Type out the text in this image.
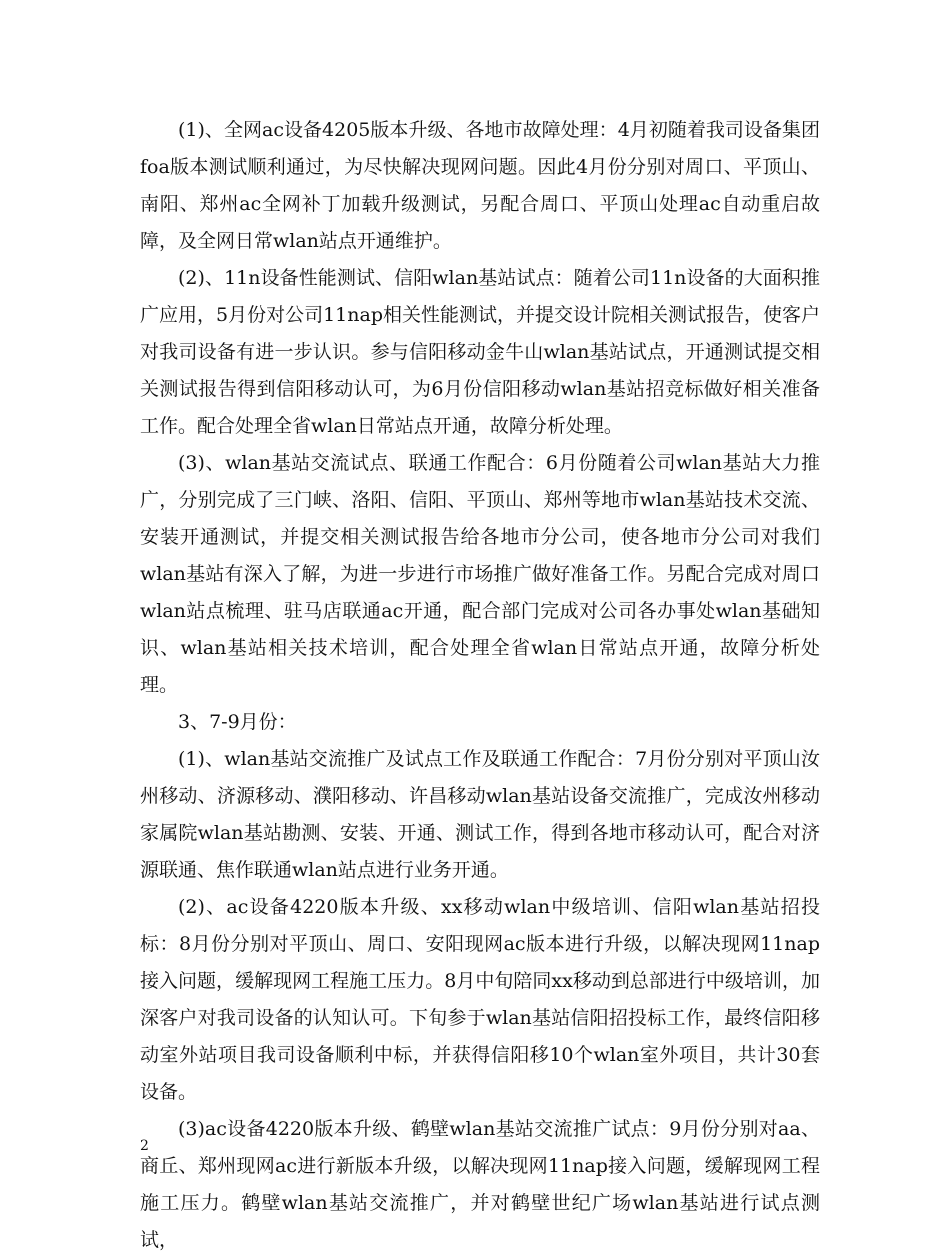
(1)、全网ac设备4205版本升级、各地市故障处理：4月初随着我司设备集团foa版本测试顺利通过，为尽快解决现网问题。因此4月份分别对周口、平顶山、南阳、郑州ac全网补丁加载升级测试，另配合周口、平顶山处理ac自动重启故障，及全网日常wlan站点开通维护。

(2)、11n设备性能测试、信阳wlan基站试点：随着公司11n设备的大面积推广应用，5月份对公司11nap相关性能测试，并提交设计院相关测试报告，使客户对我司设备有进一步认识。参与信阳移动金牛山wlan基站试点，开通测试提交相关测试报告得到信阳移动认可，为6月份信阳移动wlan基站招竞标做好相关准备工作。配合处理全省wlan日常站点开通，故障分析处理。

(3)、wlan基站交流试点、联通工作配合：6月份随着公司wlan基站大力推广，分别完成了三门峡、洛阳、信阳、平顶山、郑州等地市wlan基站技术交流、安装开通测试，并提交相关测试报告给各地市分公司，使各地市分公司对我们wlan基站有深入了解，为进一步进行市场推广做好准备工作。另配合完成对周口wlan站点梳理、驻马店联通ac开通，配合部门完成对公司各办事处wlan基础知识、wlan基站相关技术培训，配合处理全省wlan日常站点开通，故障分析处理。

3、7-9月份：

(1)、wlan基站交流推广及试点工作及联通工作配合：7月份分别对平顶山汝州移动、济源移动、濮阳移动、许昌移动wlan基站设备交流推广，完成汝州移动家属院wlan基站勘测、安装、开通、测试工作，得到各地市移动认可，配合对济源联通、焦作联通wlan站点进行业务开通。

(2)、ac设备4220版本升级、xx移动wlan中级培训、信阳wlan基站招投标：8月份分别对平顶山、周口、安阳现网ac版本进行升级，以解决现网11nap接入问题，缓解现网工程施工压力。8月中旬陪同xx移动到总部进行中级培训，加深客户对我司设备的认知认可。下旬参于wlan基站信阳招投标工作，最终信阳移动室外站项目我司设备顺利中标，并获得信阳移10个wlan室外项目，共计30套设备。

(3)ac设备4220版本升级、鹤壁wlan基站交流推广试点：9月份分别对aa、商丘、郑州现网ac进行新版本升级，以解决现网11nap接入问题，缓解现网工程施工压力。鹤壁wlan基站交流推广，并对鹤壁世纪广场wlan基站进行试点测试，

2
